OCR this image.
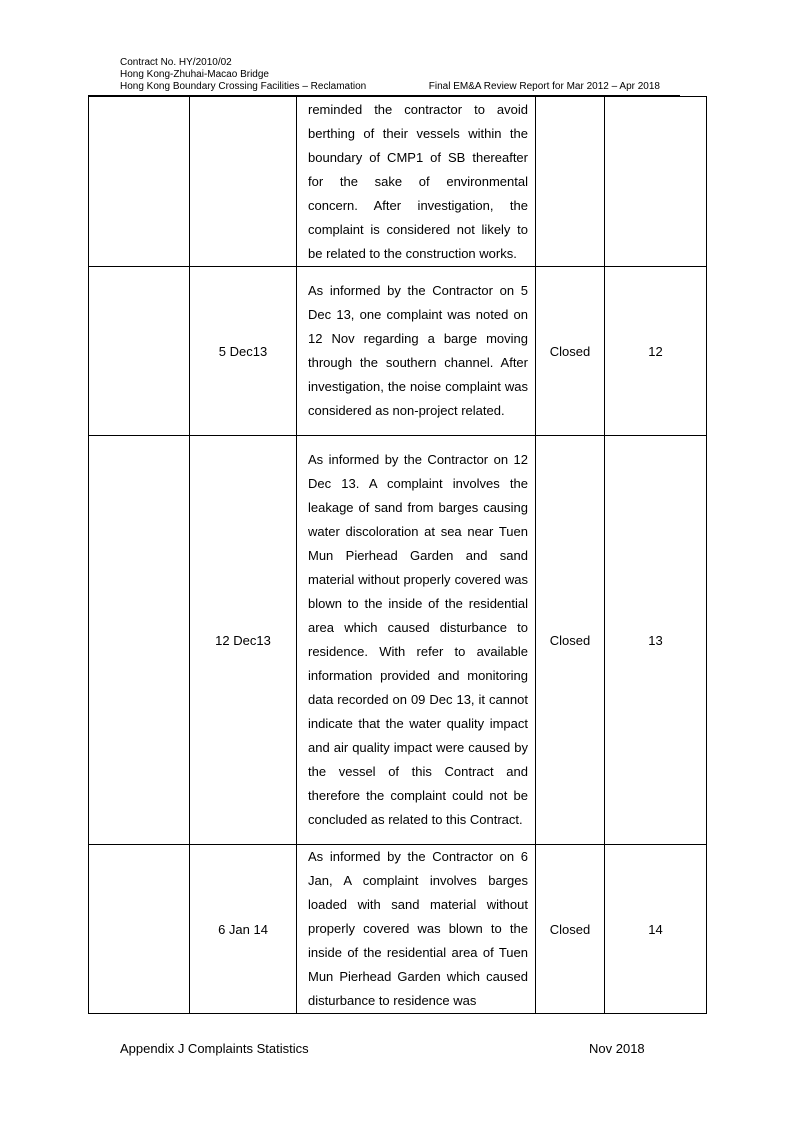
Contract No. HY/2010/02
Hong Kong-Zhuhai-Macao Bridge
Hong Kong Boundary Crossing Facilities – Reclamation	Final EM&A Review Report for Mar 2012 – Apr 2018

		reminded the contractor to avoid berthing of their vessels within the boundary of CMP1 of SB thereafter for the sake of environmental concern. After investigation, the complaint is considered not likely to be related to the construction works.		

	5 Dec13	As informed by the Contractor on 5 Dec 13, one complaint was noted on 12 Nov regarding a barge moving through the southern channel. After investigation, the noise complaint was considered as non-project related.	Closed	12
	12 Dec13	As informed by the Contractor on 12 Dec 13. A complaint involves the leakage of sand from barges causing water discoloration at sea near Tuen Mun Pierhead Garden and sand material without properly covered was blown to the inside of the residential area which caused disturbance to residence. With refer to available information provided and monitoring data recorded on 09 Dec 13, it cannot indicate that the water quality impact and air quality impact were caused by the vessel of this Contract and therefore the complaint could not be concluded as related to this Contract.	Closed	13
	6 Jan 14	As informed by the Contractor on 6 Jan, A complaint involves barges loaded with sand material without properly covered was blown to the inside of the residential area of Tuen Mun Pierhead Garden which caused disturbance to residence was	Closed	14
Appendix J Complaints Statistics	Nov 2018
